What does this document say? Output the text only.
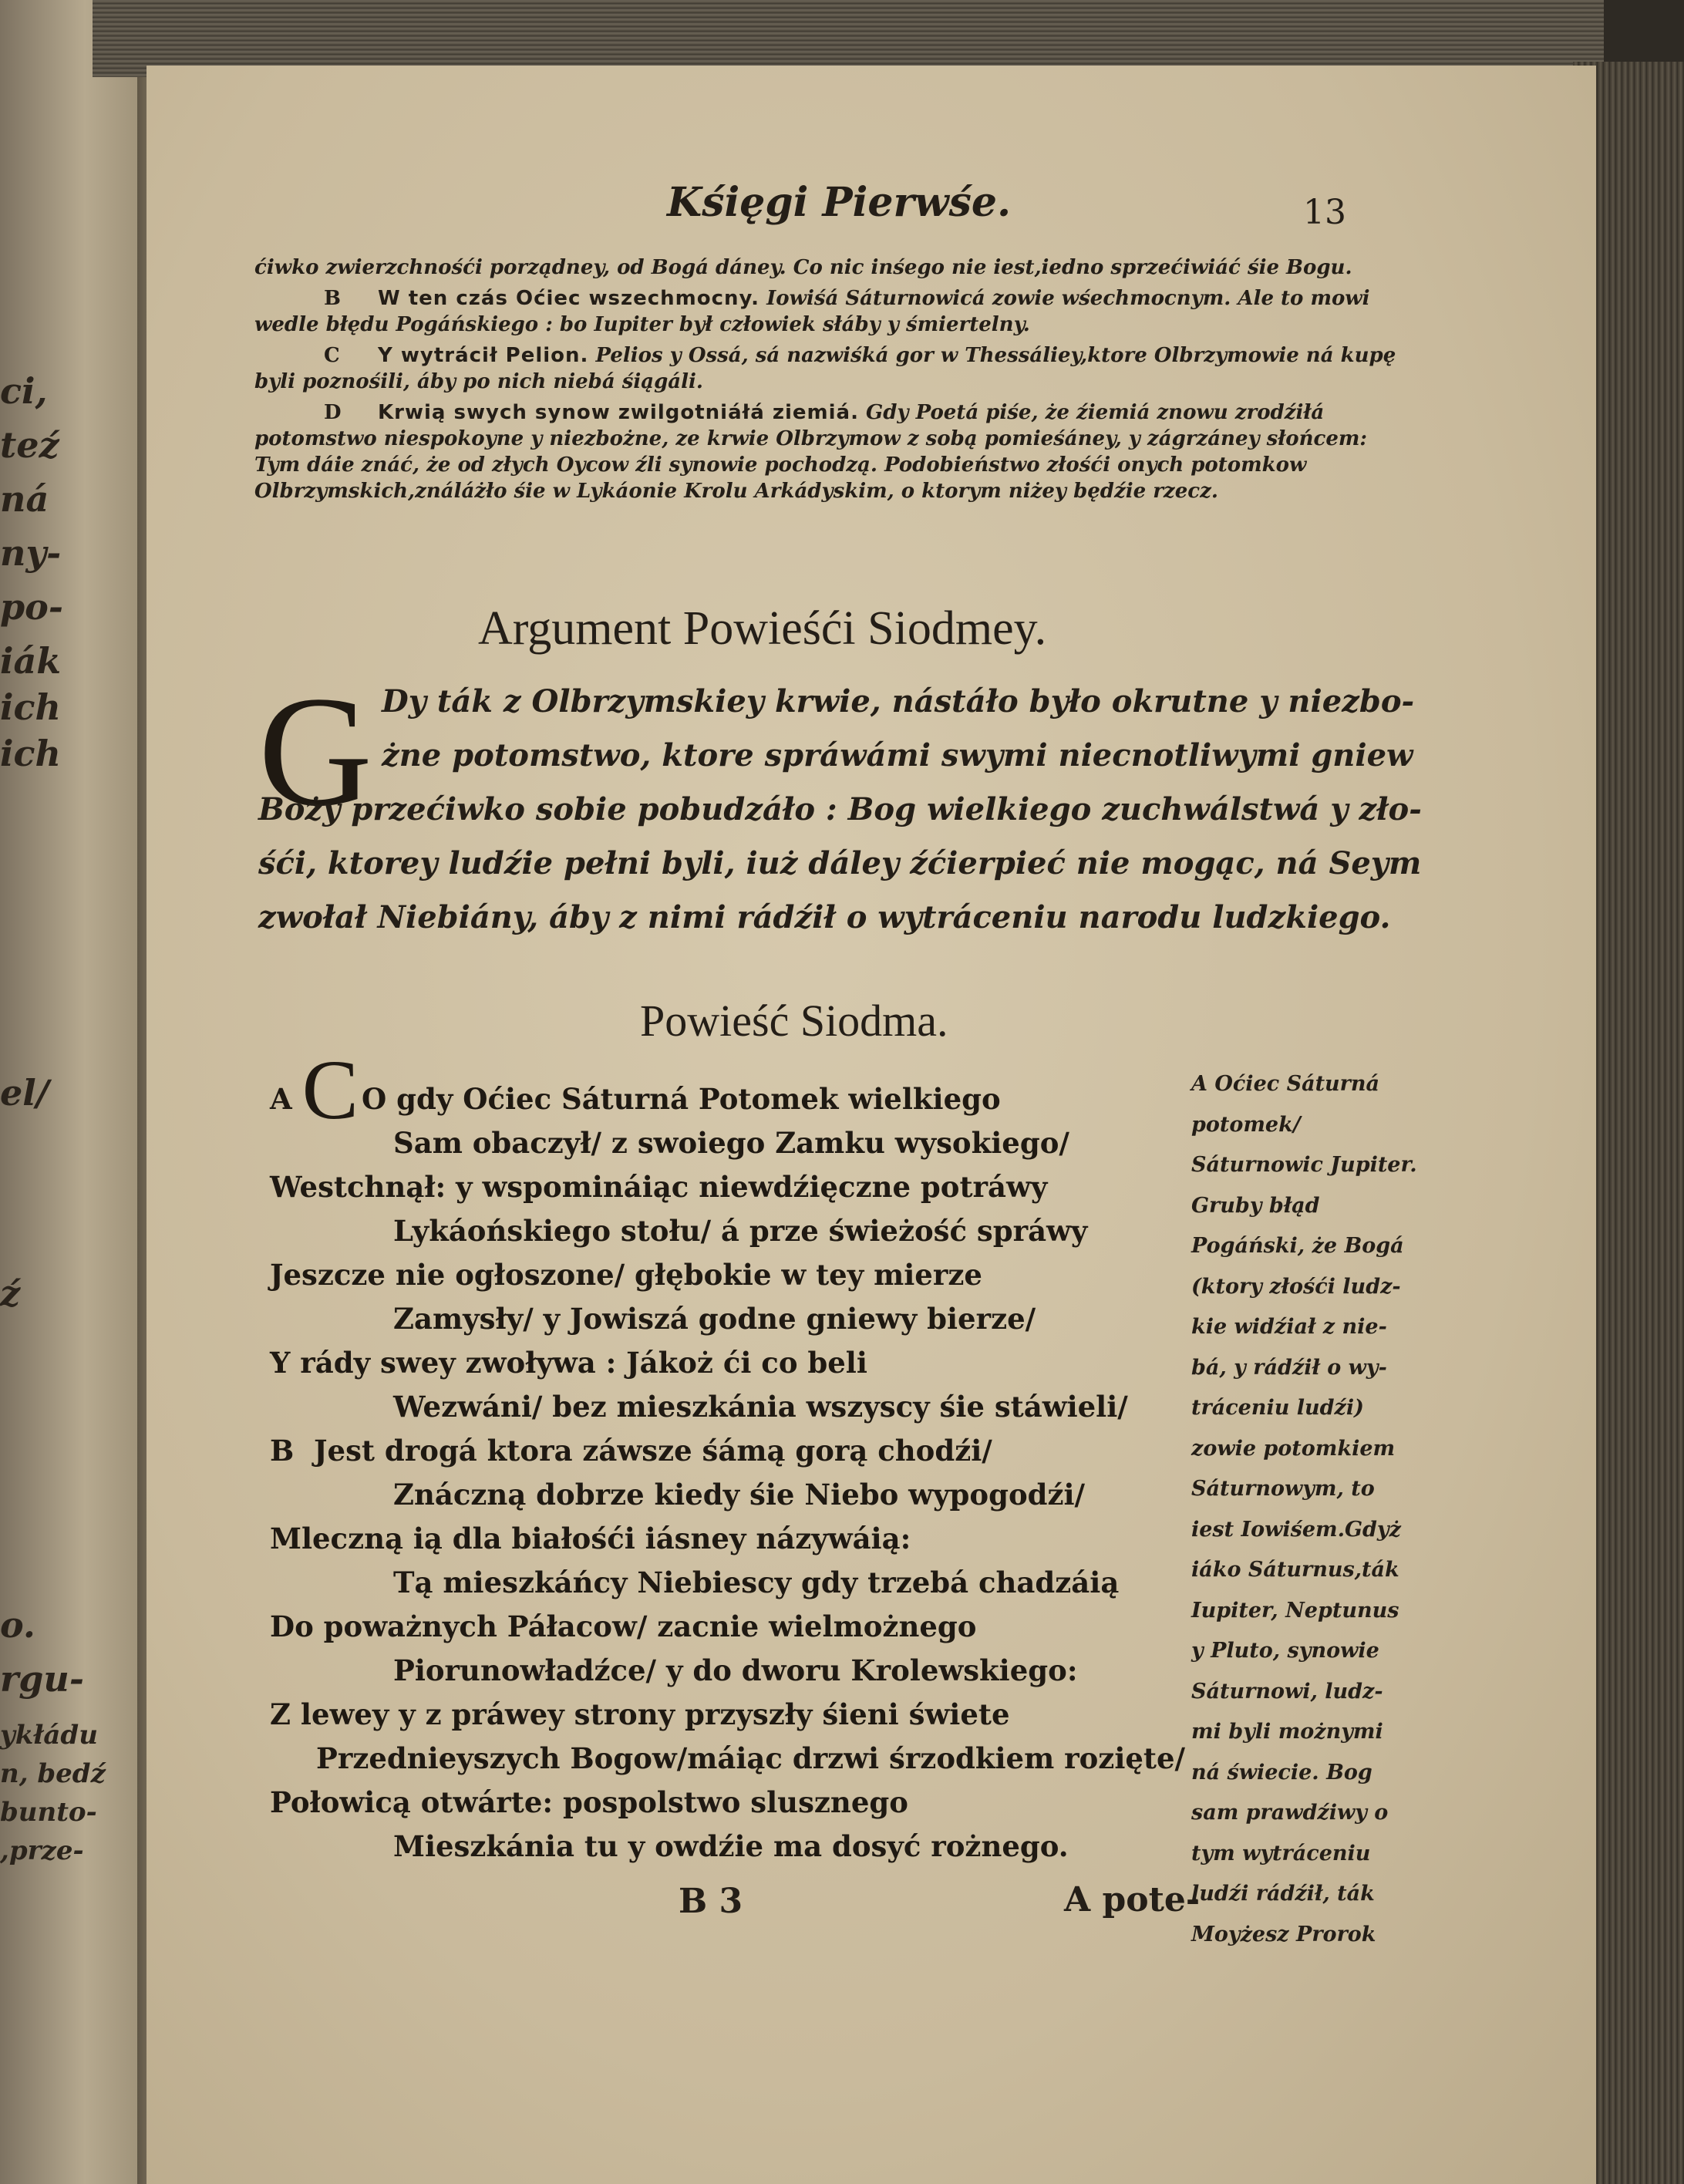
ci,
teź
ná
ny-
po-
iák
ich
ich
el/
ź
o.
rgu-
ykłádu
n, bedź
bunto-
,prze-
Kśięgi Pierwśe.	13

ćiwko zwierzchnośći porządney, od Bogá dáney. Co nic inśego nie iest,iedno sprzećiwiáć śie Bogu.

B W ten czás Oćiec wszechmocny. Iowiśá Sáturnowicá zowie wśechmocnym. Ale to mowi wedle błędu Pogáńskiego : bo Iupiter był człowiek słáby y śmiertelny.

C Y wytrácił Pelion. Pelios y Ossá, sá nazwiśká gor w Thessáliey,ktore Olbrzymowie ná kupę byli poznośili, áby po nich niebá śiągáli.

D Krwią swych synow zwilgotniáłá ziemiá. Gdy Poetá piśe, że źiemiá znowu zrodźiłá potomstwo niespokoyne y niezbożne, ze krwie Olbrzymow z sobą pomieśáney, y zágrzáney słońcem: Tym dáie znáć, że od złych Oycow źli synowie pochodzą. Podobieństwo złośći onych potomkow Olbrzymskich,ználáżło śie w Lykáonie Krolu Arkádyskim, o ktorym niżey będźie rzecz.

Argument Powieśći Siodmey.
G Dy ták z Olbrzymskiey krwie, nástáło było okrutne y niezbo-
żne potomstwo, ktore spráwámi swymi niecnotliwymi gniew
Boży przećiwko sobie pobudzáło : Bog wielkiego zuchwálstwá y zło-
śći, ktorey ludźie pełni byli, iuż dáley źćierpieć nie mogąc, ná Seym
zwołał Niebiány, áby z nimi rádźił o wytráceniu narodu ludzkiego.
Powieść Siodma.
A C O gdy Oćiec Sáturná Potomek wielkiego
Sam obaczył/ z swoiego Zamku wysokiego/
Westchnął: y wspomináiąc niewdźięczne potráwy
Lykáońskiego stołu/ á prze świeżość spráwy
Jeszcze nie ogłoszone/ głębokie w tey mierze
Zamysły/ y Jowiszá godne gniewy bierze/
Y rády swey zwoływa : Jákoż ći co beli
Wezwáni/ bez mieszkánia wszyscy śie stáwieli/
B Jest drogá ktora záwsze śámą gorą chodźi/
Znáczną dobrze kiedy śie Niebo wypogodźi/
Mleczną ią dla białośći iásney názywáią:
Tą mieszkáńcy Niebiescy gdy trzebá chadzáią
Do poważnych Páłacow/ zacnie wielmożnego
Piorunowładźce/ y do dworu Krolewskiego:
Z lewey y z práwey strony przyszły śieni świete
Przednieyszych Bogow/máiąc drzwi śrzodkiem rozięte/
Połowicą otwárte: pospolstwo slusznego
Mieszkánia tu y owdźie ma dosyć rożnego.
A Oćiec Sáturná potomek/ Sáturnowic Jupiter. Gruby błąd
Pogáński, że Bogá
(ktory złośći ludz-
kie widźiał z nie-
bá, y rádźił o wy-
tráceniu ludźi)
zowie potomkiem
Sáturnowym, to
iest Iowiśem.Gdyż
iáko Sáturnus,ták
Iupiter, Neptunus
y Pluto, synowie
Sáturnowi, ludz-
mi byli możnymi
ná świecie. Bog
sam prawdźiwy o
tym wytráceniu
ludźi rádźił, ták
Moyżesz Prorok
B 3	A pote-
